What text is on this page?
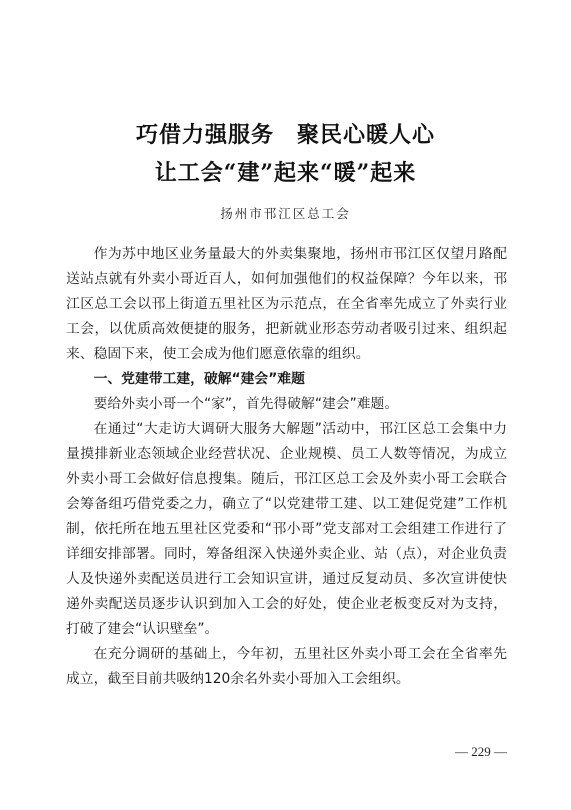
巧借力强服务　聚民心暖人心
让工会“建”起来“暖”起来
扬州市邗江区总工会

作为苏中地区业务量最大的外卖集聚地，扬州市邗江区仅望月路配送站点就有外卖小哥近百人，如何加强他们的权益保障？今年以来，邗江区总工会以邗上街道五里社区为示范点，在全省率先成立了外卖行业工会，以优质高效便捷的服务，把新就业形态劳动者吸引过来、组织起来、稳固下来，使工会成为他们愿意依靠的组织。

一、党建带工建，破解“建会”难题

要给外卖小哥一个“家”，首先得破解“建会”难题。

在通过“大走访大调研大服务大解题”活动中，邗江区总工会集中力量摸排新业态领域企业经营状况、企业规模、员工人数等情况，为成立外卖小哥工会做好信息搜集。随后，邗江区总工会及外卖小哥工会联合会筹备组巧借党委之力，确立了“以党建带工建、以工建促党建”工作机制，依托所在地五里社区党委和“邗小哥”党支部对工会组建工作进行了详细安排部署。同时，筹备组深入快递外卖企业、站（点），对企业负责人及快递外卖配送员进行工会知识宣讲，通过反复动员、多次宣讲使快递外卖配送员逐步认识到加入工会的好处，使企业老板变反对为支持，打破了建会“认识壁垒”。

在充分调研的基础上，今年初，五里社区外卖小哥工会在全省率先成立，截至目前共吸纳120余名外卖小哥加入工会组织。

— 229 —
